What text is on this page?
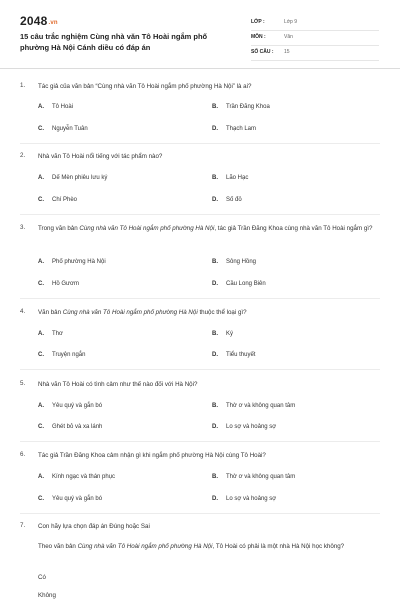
2048.vn
15 câu trắc nghiệm Cùng nhà văn Tô Hoài ngắm phố phường Hà Nội Cánh diều có đáp án
LỚP :	Lớp 9
MÔN :	Văn
SỐ CÂU : 15
1. Tác giả của văn bản “Cùng nhà văn Tô Hoài ngắm phố phường Hà Nội” là ai?
A. Tô Hoài	B. Trần Đăng Khoa
C. Nguyễn Tuân	D. Thạch Lam
2. Nhà văn Tô Hoài nổi tiếng với tác phẩm nào?
A. Dế Mèn phiêu lưu ký	B. Lão Hạc
C. Chí Phèo	D. Số đỏ
3. Trong văn bản Cùng nhà văn Tô Hoài ngắm phố phường Hà Nội, tác giả Trần Đăng Khoa cùng nhà văn Tô Hoài ngắm gì?
A. Phố phường Hà Nội	B. Sông Hồng
C. Hồ Gươm	D. Cầu Long Biên
4. Văn bản Cùng nhà văn Tô Hoài ngắm phố phường Hà Nội thuộc thể loại gì?
A. Thơ	B. Ký
C. Truyện ngắn	D. Tiểu thuyết
5. Nhà văn Tô Hoài có tình cảm như thế nào đối với Hà Nội?
A. Yêu quý và gắn bó	B. Thờ ơ và không quan tâm
C. Ghét bỏ và xa lánh	D. Lo sợ và hoảng sợ
6. Tác giả Trần Đăng Khoa cảm nhận gì khi ngắm phố phường Hà Nội cùng Tô Hoài?
A. Kính ngạc và thán phục	B. Thờ ơ và không quan tâm
C. Yêu quý và gắn bó	D. Lo sợ và hoảng sợ
7. Con hãy lựa chọn đáp án Đúng hoặc Sai
Theo văn bản Cùng nhà văn Tô Hoài ngắm phố phường Hà Nội, Tô Hoài có phải là một nhà Hà Nội học không?
Có
Không
